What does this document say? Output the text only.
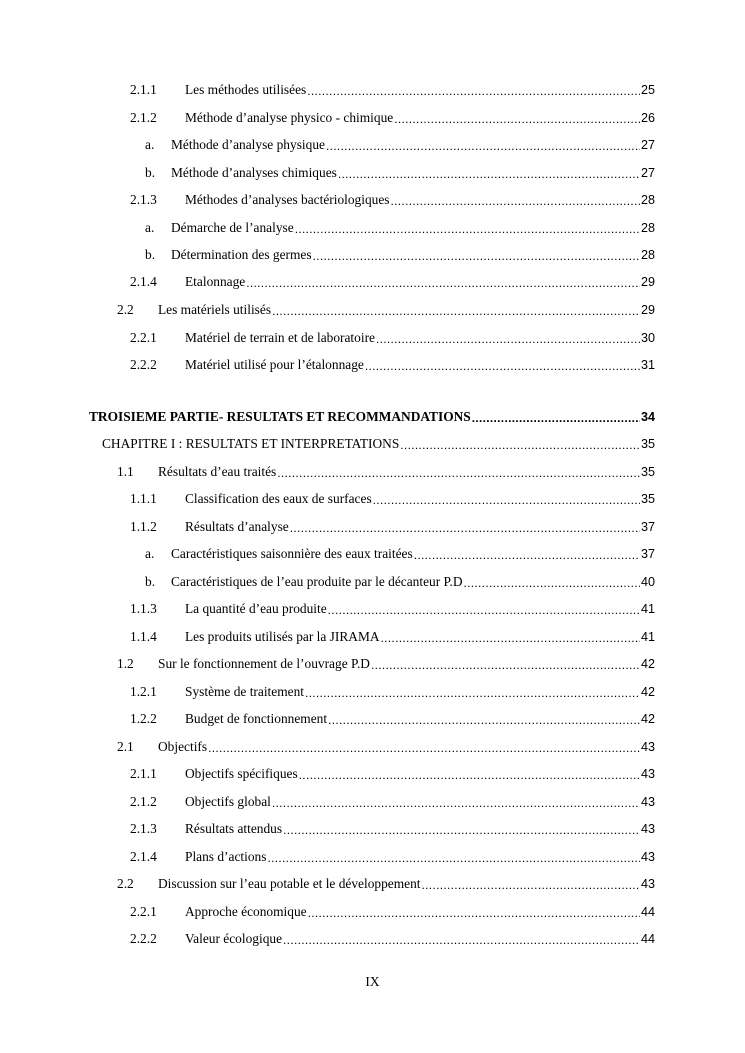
2.1.1	Les méthodes utilisées .....	25
2.1.2	Méthode d’analyse physico - chimique .....	26
a.	Méthode d’analyse physique .....	27
b.	Méthode d’analyses chimiques .....	27
2.1.3	Méthodes d’analyses bactériologiques .....	28
a.	Démarche de l’analyse .....	28
b.	Détermination des germes .....	28
2.1.4	Etalonnage .....	29
2.2	Les matériels utilisés .....	29
2.2.1	Matériel de terrain et de laboratoire .....	30
2.2.2	Matériel utilisé pour l’étalonnage .....	31
TROISIEME PARTIE- RESULTATS ET RECOMMANDATIONS .....	34
CHAPITRE I : RESULTATS ET INTERPRETATIONS .....	35
1.1	Résultats d’eau traités .....	35
1.1.1	Classification des eaux de surfaces .....	35
1.1.2	Résultats d’analyse .....	37
a.	Caractéristiques saisonnière des eaux traitées .....	37
b.	Caractéristiques de l’eau produite par le décanteur P.D .....	40
1.1.3	La quantité d’eau produite .....	41
1.1.4	Les produits utilisés par la JIRAMA .....	41
1.2	Sur le fonctionnement de l’ouvrage P.D .....	42
1.2.1	Système de traitement .....	42
1.2.2	Budget de fonctionnement .....	42
2.1	Objectifs .....	43
2.1.1	Objectifs spécifiques .....	43
2.1.2	Objectifs global .....	43
2.1.3	Résultats attendus .....	43
2.1.4	Plans d’actions .....	43
2.2	Discussion sur l’eau potable et le développement .....	43
2.2.1	Approche économique .....	44
2.2.2	Valeur écologique .....	44
IX
